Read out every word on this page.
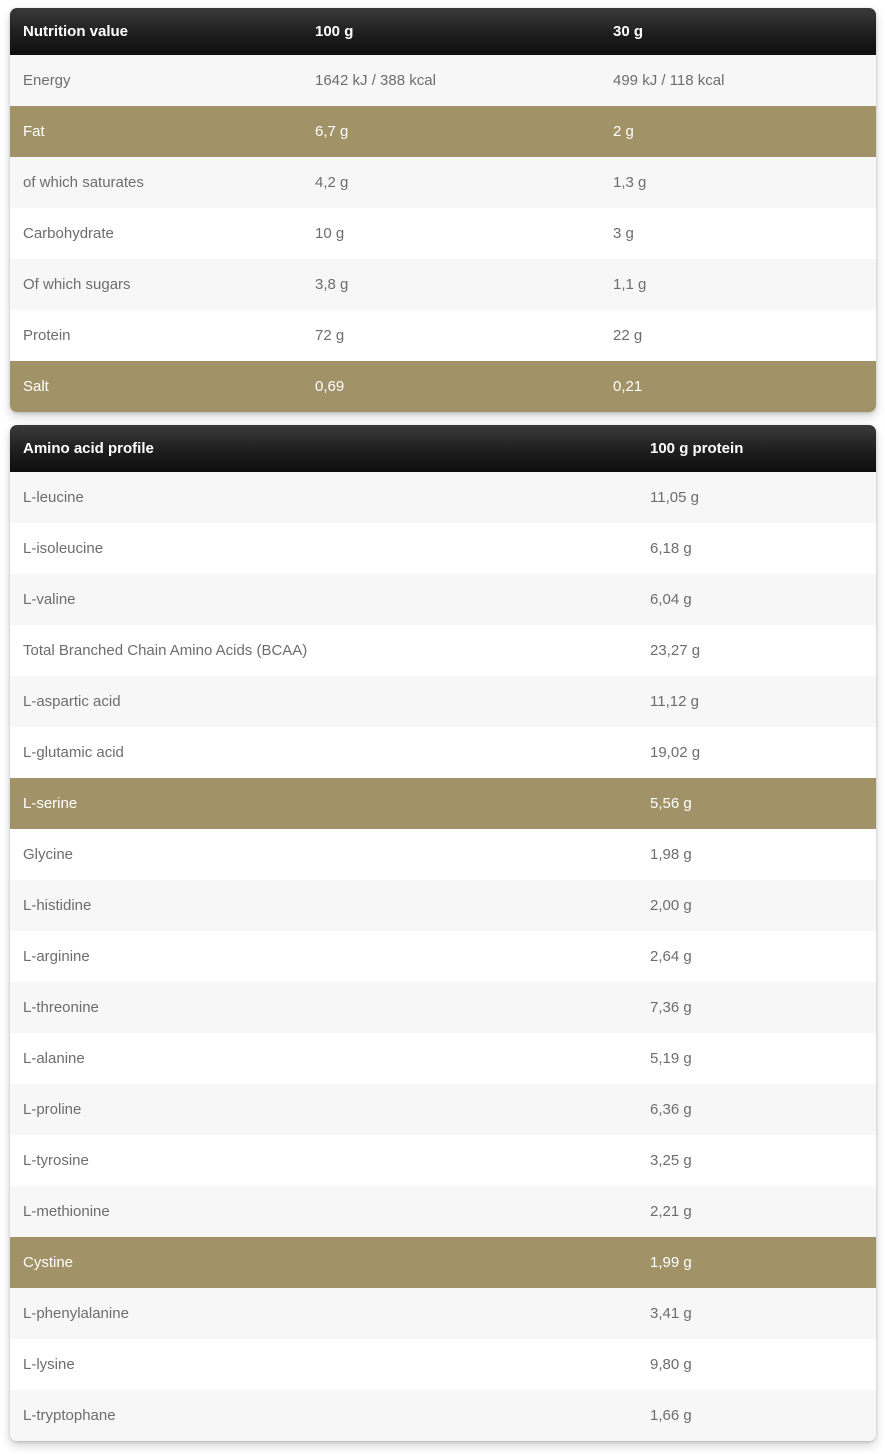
Nutrition value	100 g	30 g
Energy	1642 kJ / 388 kcal	499 kJ / 118 kcal
Fat	6,7 g	2 g
of which saturates	4,2 g	1,3 g
Carbohydrate	10 g	3 g
Of which sugars	3,8 g	1,1 g
Protein	72 g	22 g
Salt	0,69	0,21
Amino acid profile	100 g protein
L-leucine	11,05 g
L-isoleucine	6,18 g
L-valine	6,04 g
Total Branched Chain Amino Acids (BCAA)	23,27 g
L-aspartic acid	11,12 g
L-glutamic acid	19,02 g
L-serine	5,56 g
Glycine	1,98 g
L-histidine	2,00 g
L-arginine	2,64 g
L-threonine	7,36 g
L-alanine	5,19 g
L-proline	6,36 g
L-tyrosine	3,25 g
L-methionine	2,21 g
Cystine	1,99 g
L-phenylalanine	3,41 g
L-lysine	9,80 g
L-tryptophane	1,66 g
